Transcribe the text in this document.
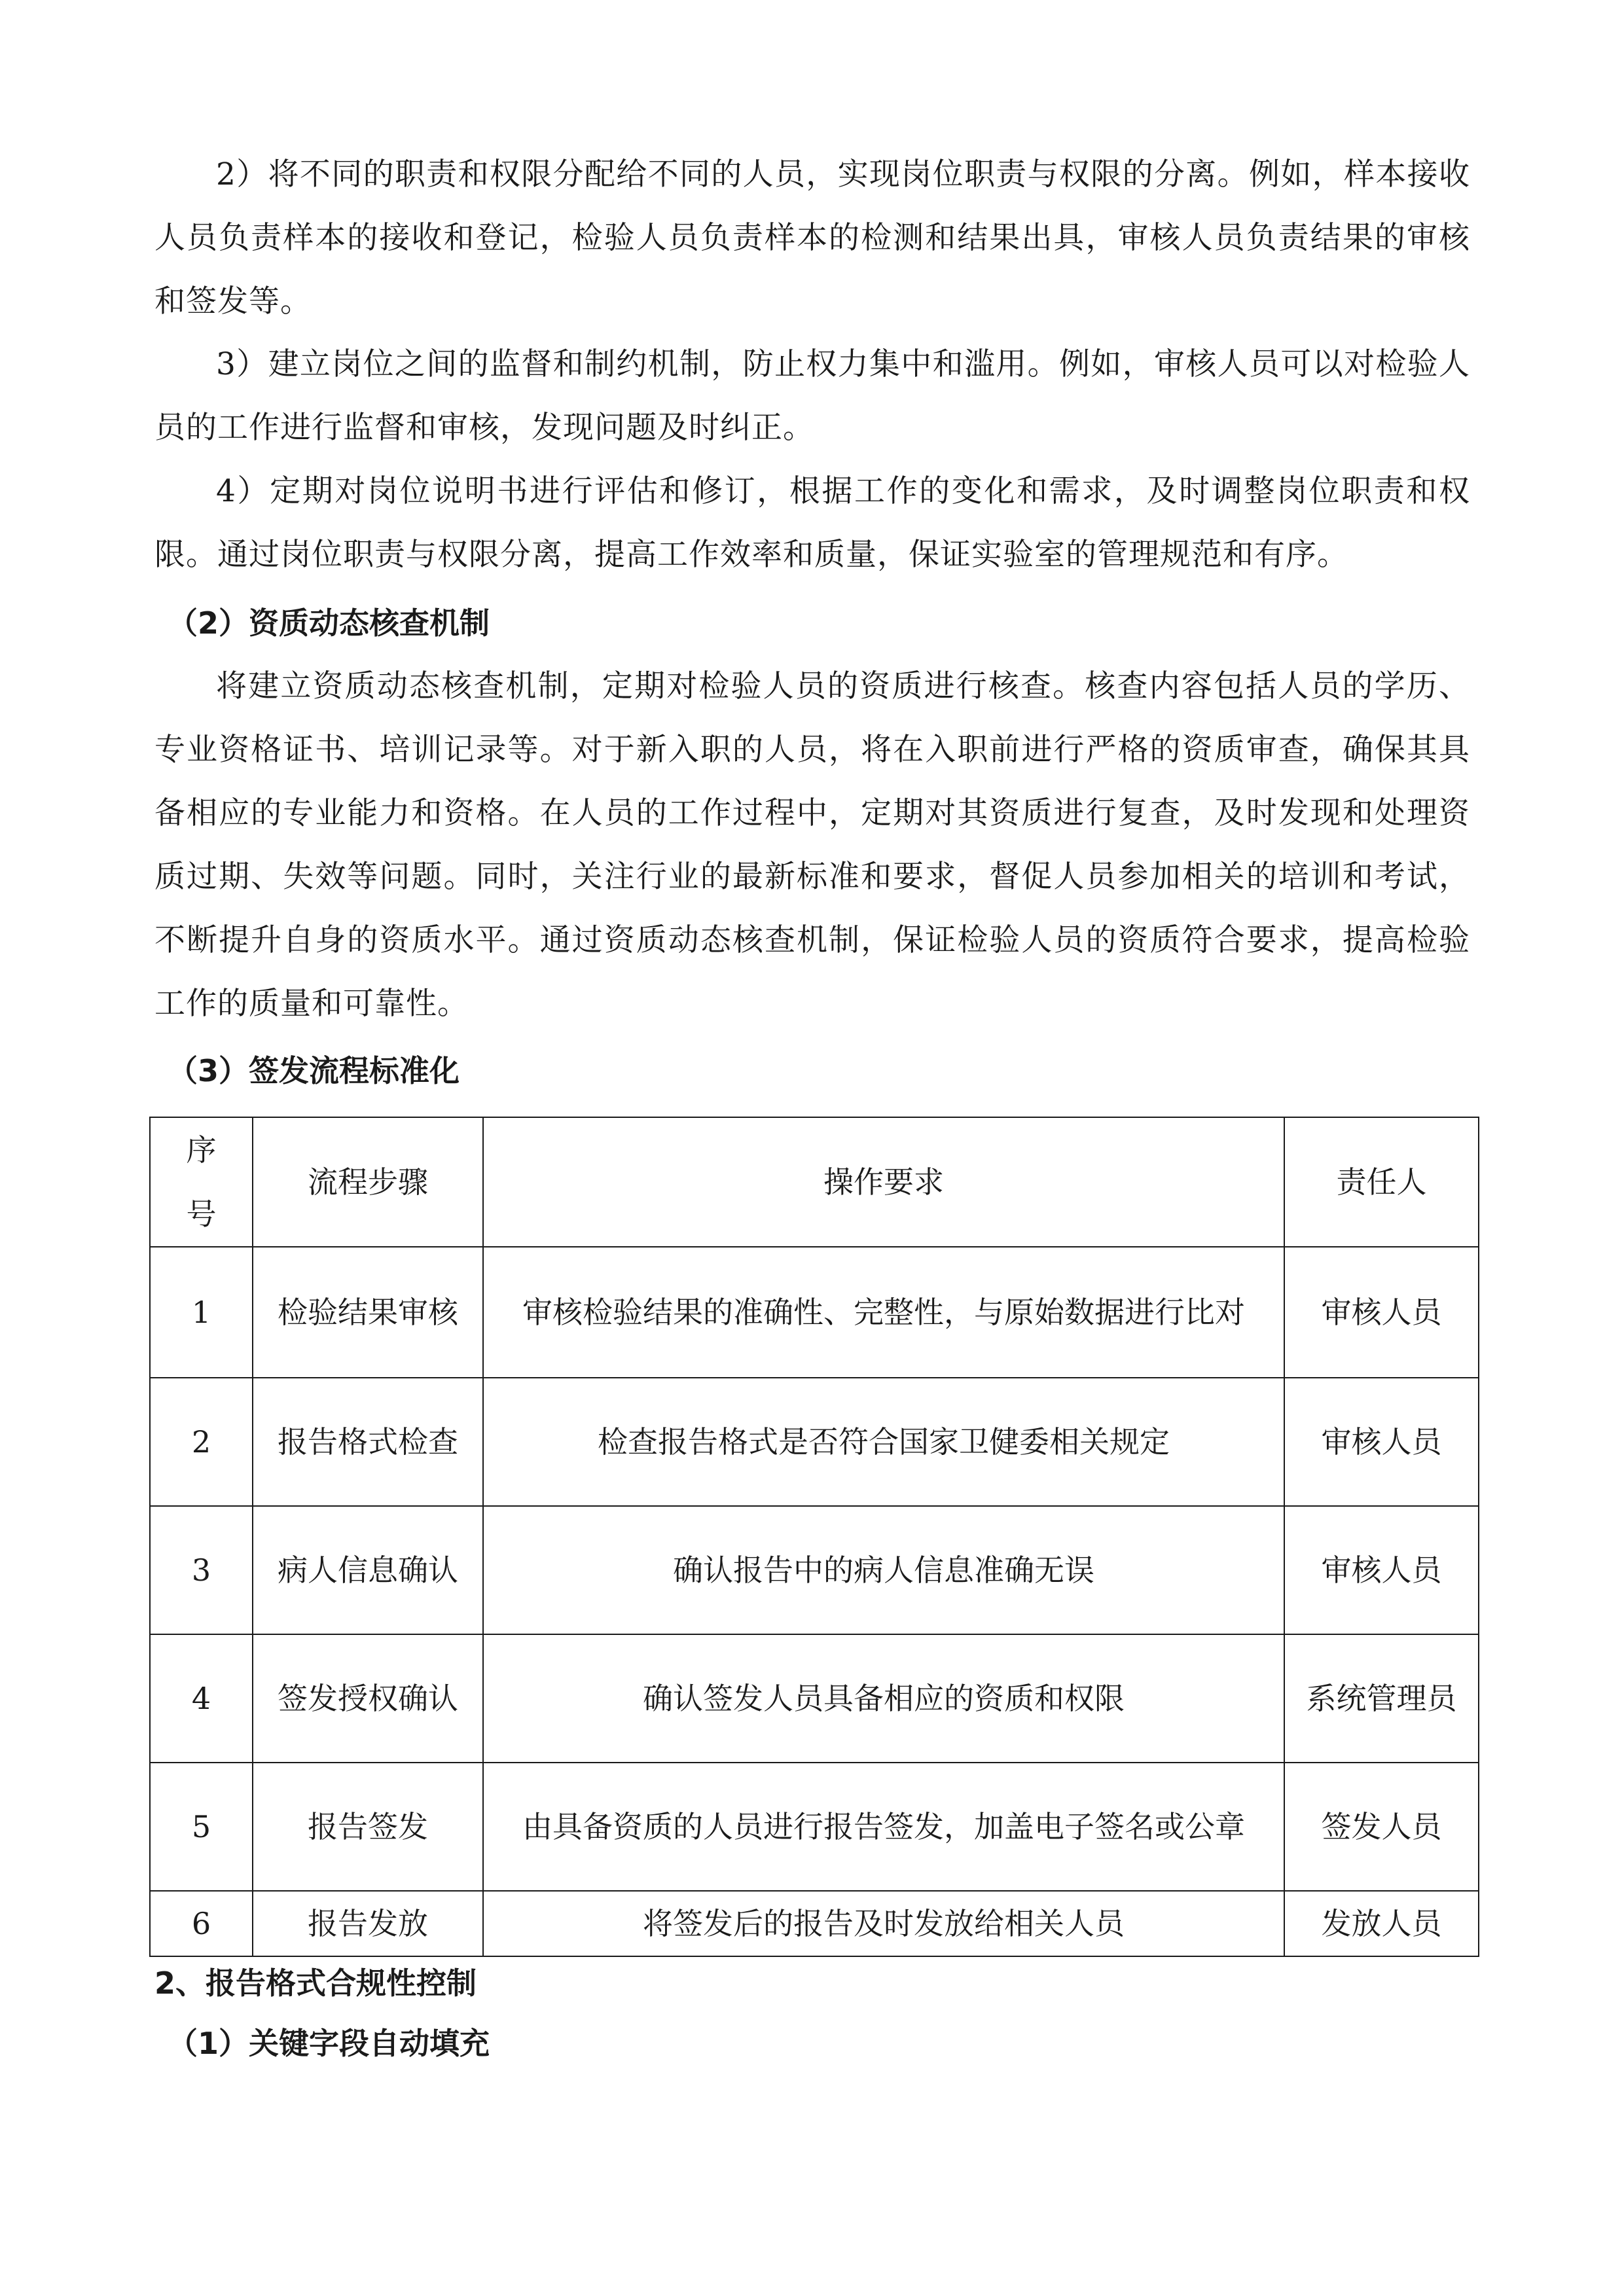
2）将不同的职责和权限分配给不同的人员，实现岗位职责与权限的分离。例如，样本接收人员负责样本的接收和登记，检验人员负责样本的检测和结果出具，审核人员负责结果的审核和签发等。

3）建立岗位之间的监督和制约机制，防止权力集中和滥用。例如，审核人员可以对检验人员的工作进行监督和审核，发现问题及时纠正。

4）定期对岗位说明书进行评估和修订，根据工作的变化和需求，及时调整岗位职责和权限。通过岗位职责与权限分离，提高工作效率和质量，保证实验室的管理规范和有序。

（2）资质动态核查机制

将建立资质动态核查机制，定期对检验人员的资质进行核查。核查内容包括人员的学历、专业资格证书、培训记录等。对于新入职的人员，将在入职前进行严格的资质审查，确保其具备相应的专业能力和资格。在人员的工作过程中，定期对其资质进行复查，及时发现和处理资质过期、失效等问题。同时，关注行业的最新标准和要求，督促人员参加相关的培训和考试，不断提升自身的资质水平。通过资质动态核查机制，保证检验人员的资质符合要求，提高检验工作的质量和可靠性。

（3）签发流程标准化
序号	流程步骤	操作要求	责任人
1	检验结果审核	审核检验结果的准确性、完整性，与原始数据进行比对	审核人员
2	报告格式检查	检查报告格式是否符合国家卫健委相关规定	审核人员
3	病人信息确认	确认报告中的病人信息准确无误	审核人员
4	签发授权确认	确认签发人员具备相应的资质和权限	系统管理员
5	报告签发	由具备资质的人员进行报告签发，加盖电子签名或公章	签发人员
6	报告发放	将签发后的报告及时发放给相关人员	发放人员
2、报告格式合规性控制
（1）关键字段自动填充
